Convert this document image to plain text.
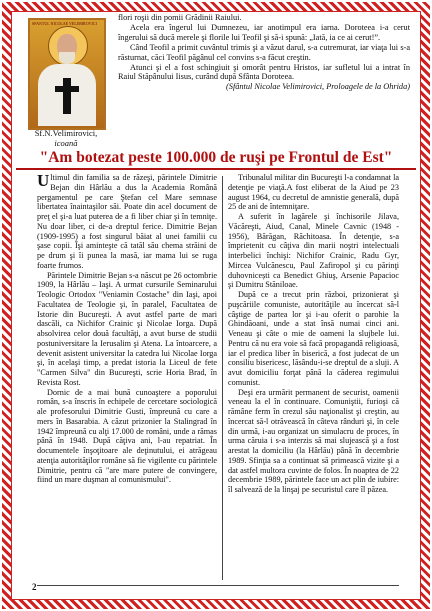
SFANTUL NICOLAE VELIMIROVICI
Sf.N.Velimirovici,
icoană

flori roşii din pomii Grădinii Raiului.

Acela era îngerul lui Dumnezeu, iar anotimpul era iarna. Doroteea i-a cerut îngerului să ducă merele şi florile lui Teofil şi să-i spună: „Iată, ia ce ai cerut!”.

Când Teofil a primit cuvântul trimis şi a văzut darul, s-a cutremurat, iar viaţa lui s-a răsturnat, căci Teofil păgânul cel convins s-a făcut creştin.

Atunci şi el a fost schingiuit şi omorât pentru Hristos, iar sufletul lui a intrat în Raiul Stăpânului Iisus, curând după Sfânta Doroteea.

(Sfântul Nicolae Velimirovici, Proloagele de la Ohrida)

"Am botezat peste 100.000 de ruşi pe Frontul de Est"

Ultimul din familia sa de răzeşi, părintele Dimitrie Bejan din Hârlău a dus la Academia Română pergamentul pe care Ştefan cel Mare semnase libertatea înaintaşilor săi. Poate din acel document de preţ el şi-a luat puterea de a fi liber chiar şi în temniţe. Nu doar liber, ci de-a dreptul ferice. Dimitrie Bejan (1909-1995) a fost singurul băiat al unei familii cu şase copii. Îşi aminteşte că tatăl său chema străini de pe drum şi îi punea la masă, iar mama lui se ruga foarte frumos.

Părintele Dimitrie Bejan s-a născut pe 26 octombrie 1909, la Hârlău – Iaşi. A urmat cursurile Seminarului Teologic Ortodox "Veniamin Costache" din Iaşi, apoi Facultatea de Teologie şi, în paralel, Facultatea de Istorie din Bucureşti. A avut astfel parte de mari dascăli, ca Nichifor Crainic şi Nicolae Iorga. După absolvirea celor două facultăţi, a avut burse de studii postuniversitare la Ierusalim şi Atena. La întoarcere, a devenit asistent universitar la catedra lui Nicolae Iorga şi, în acelaşi timp, a predat istoria la Liceul de fete "Carmen Silva" din Bucureşti, scrie Horia Brad, în Revista Rost.

Dornic de a mai bună cunoaştere a poporului român, s-a înscris în echipele de cercetare sociologică ale profesorului Dimitrie Gusti, împreună cu care a mers în Basarabia. A căzut prizonier la Stalingrad în 1942 împreună cu alţi 17.000 de români, unde a rămas până în 1948. După căţiva ani, l-au repatriat. În documentele înşoţitoare ale deţinutului, ei atrăgeau atenţia autorităţilor române să fie vigilente cu părintele Dimitrie, pentru că "are mare putere de convingere, fiind un mare duşman al comunismului".

Tribunalul militar din Bucureşti l-a condamnat la detenţie pe viaţă.A fost eliberat de la Aiud pe 23 august 1964, cu decretul de amnistie generală, după 25 de ani de întemniţare.

A suferit în lagărele şi închisorile Jilava, Văcăreşti, Aiud, Canal, Minele Cavnic (1948 - 1956), Bărăgan, Răchitoasa. În detenţie, s-a împrietenit cu câţiva din marii noştri intelectuali interbelici închişi: Nichifor Crainic, Radu Gyr, Mircea Vulcănescu, Paul Zafiropol şi cu părinţi duhovnicești ca Benedict Ghiuş, Arsenie Papacioc şi Dumitru Stăniloae.

După ce a trecut prin război, prizonierat şi puşcăriile comuniste, autorităţile au încercat să-l câştige de partea lor şi i-au oferit o parohie la Ghindăoani, unde a stat însă numai cinci ani. Veneau şi câte o mie de oameni la slujbele lui. Pentru că nu era voie să facă propagandă religioasă, iar el predica liber în biserică, a fost judecat de un consiliu bisericesc, lăsându-i-se dreptul de a sluji. A avut domiciliu forţat până la căderea regimului comunist.

Deşi era urmărit permanent de securist, oamenii veneau la el în continuare. Comuniştii, furioşi că rămâne ferm în crezul său naţionalist şi creştin, au încercat să-l otrăvească în câteva rânduri şi, în cele din urmă, i-au organizat un simulacru de proces, în urma căruia i s-a interzis să mai slujească şi a fost arestat la domiciliu (la Hârlău) până în decembrie 1989. Sfinţia sa a continuat să primească vizite şi a dat astfel multora cuvinte de folos. În noaptea de 22 decembrie 1989, părintele face un act plin de iubire: îl salvează de la linşaj pe securistul care îl păzea.

2
